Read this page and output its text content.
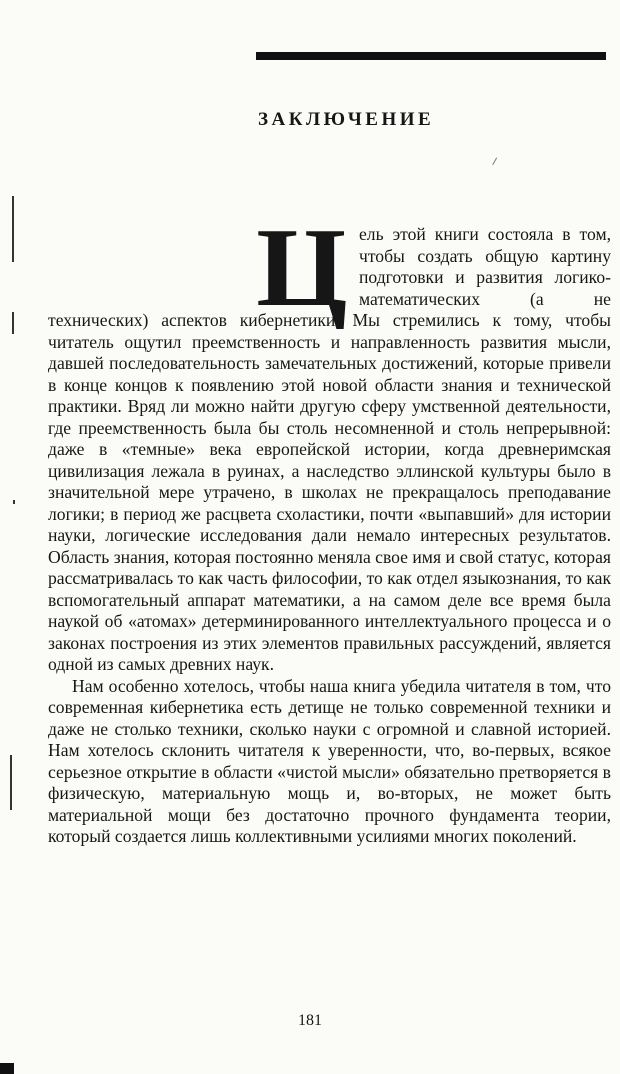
ЗАКЛЮЧЕНИЕ

Ц ель этой книги состояла в том, чтобы создать общую картину подготовки и развития логико-математических (а не технических) аспектов кибернетики. Мы стремились к тому, чтобы читатель ощутил преемственность и направленность развития мысли, давшей последовательность замечательных достижений, которые привели в конце концов к появлению этой новой области знания и технической практики. Вряд ли можно найти другую сферу умственной деятельности, где преемственность была бы столь несомненной и столь непрерывной: даже в «темные» века европейской истории, когда древнеримская цивилизация лежала в руинах, а наследство эллинской культуры было в значительной мере утрачено, в школах не прекращалось преподавание логики; в период же расцвета схоластики, почти «выпавший» для истории науки, логические исследования дали немало интересных результатов. Область знания, которая постоянно меняла свое имя и свой статус, которая рассматривалась то как часть философии, то как отдел языкознания, то как вспомогательный аппарат математики, а на самом деле все время была наукой об «атомах» детерминированного интеллектуального процесса и о законах построения из этих элементов правильных рассуждений, является одной из самых древних наук.

Нам особенно хотелось, чтобы наша книга убедила читателя в том, что современная кибернетика есть детище не только современной техники и даже не столько техники, сколько науки с огромной и славной историей. Нам хотелось склонить читателя к уверенности, что, во-первых, всякое серьезное открытие в области «чистой мысли» обязательно претворяется в физическую, материальную мощь и, во-вторых, не может быть материальной мощи без достаточно прочного фундамента теории, который создается лишь коллективными усилиями многих поколений.

181
